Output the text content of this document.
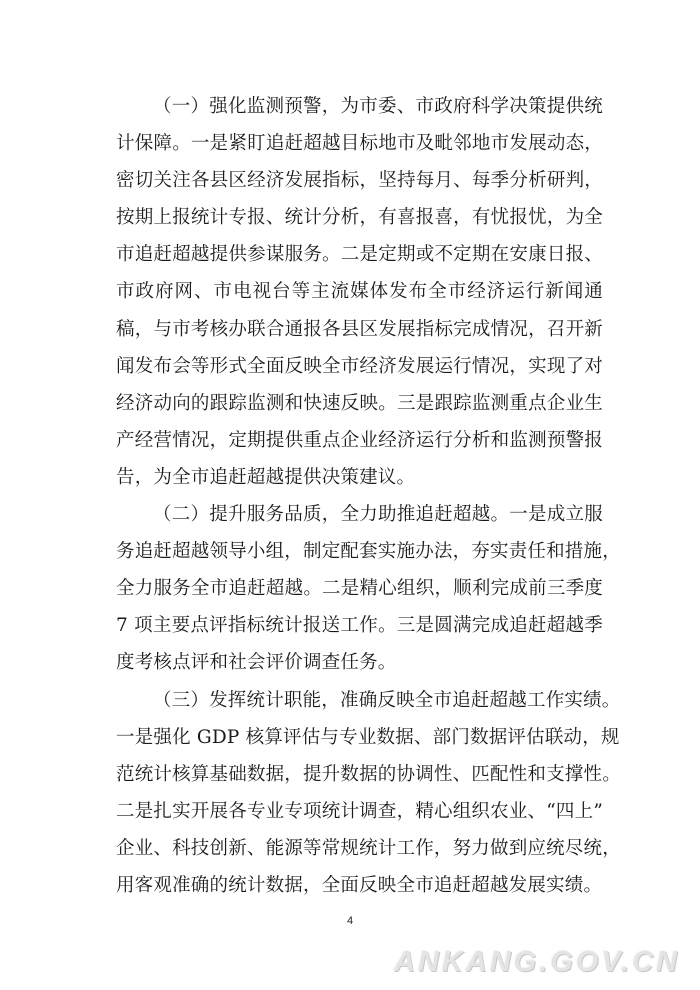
（一）强化监测预警，为市委、市政府科学决策提供统
计保障。一是紧盯追赶超越目标地市及毗邻地市发展动态，
密切关注各县区经济发展指标，坚持每月、每季分析研判，
按期上报统计专报、统计分析，有喜报喜，有忧报忧，为全
市追赶超越提供参谋服务。二是定期或不定期在安康日报、
市政府网、市电视台等主流媒体发布全市经济运行新闻通
稿，与市考核办联合通报各县区发展指标完成情况，召开新
闻发布会等形式全面反映全市经济发展运行情况，实现了对
经济动向的跟踪监测和快速反映。三是跟踪监测重点企业生
产经营情况，定期提供重点企业经济运行分析和监测预警报
告，为全市追赶超越提供决策建议。
（二）提升服务品质，全力助推追赶超越。一是成立服
务追赶超越领导小组，制定配套实施办法，夯实责任和措施，
全力服务全市追赶超越。二是精心组织，顺利完成前三季度
7 项主要点评指标统计报送工作。三是圆满完成追赶超越季
度考核点评和社会评价调查任务。
（三）发挥统计职能，准确反映全市追赶超越工作实绩。
一是强化 GDP 核算评估与专业数据、部门数据评估联动，规
范统计核算基础数据，提升数据的协调性、匹配性和支撑性。
二是扎实开展各专业专项统计调查，精心组织农业、“四上”
企业、科技创新、能源等常规统计工作，努力做到应统尽统，
用客观准确的统计数据，全面反映全市追赶超越发展实绩。
4
ANKANG.GOV.CN
